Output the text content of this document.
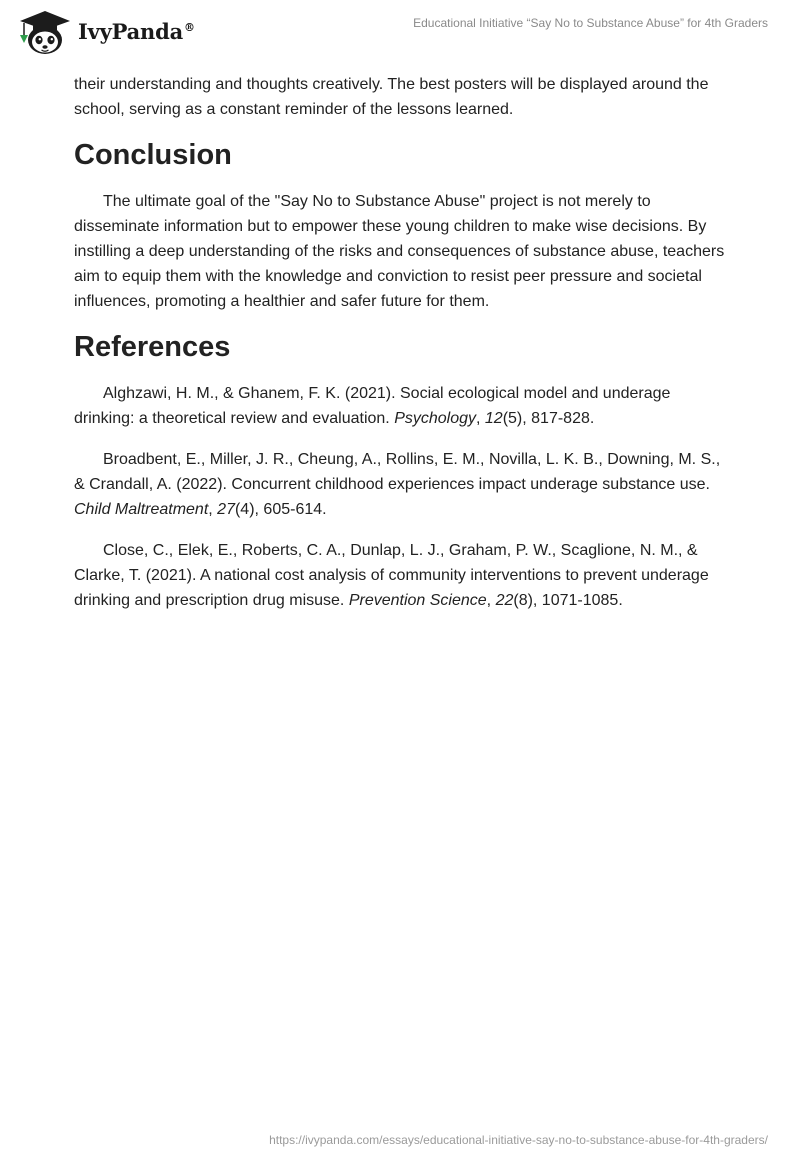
IvyPanda®	Educational Initiative “Say No to Substance Abuse” for 4th Graders

their understanding and thoughts creatively. The best posters will be displayed around the school, serving as a constant reminder of the lessons learned.

Conclusion

The ultimate goal of the "Say No to Substance Abuse" project is not merely to disseminate information but to empower these young children to make wise decisions. By instilling a deep understanding of the risks and consequences of substance abuse, teachers aim to equip them with the knowledge and conviction to resist peer pressure and societal influences, promoting a healthier and safer future for them.

References

Alghzawi, H. M., & Ghanem, F. K. (2021). Social ecological model and underage drinking: a theoretical review and evaluation. Psychology, 12(5), 817-828.

Broadbent, E., Miller, J. R., Cheung, A., Rollins, E. M., Novilla, L. K. B., Downing, M. S., & Crandall, A. (2022). Concurrent childhood experiences impact underage substance use. Child Maltreatment, 27(4), 605-614.

Close, C., Elek, E., Roberts, C. A., Dunlap, L. J., Graham, P. W., Scaglione, N. M., & Clarke, T. (2021). A national cost analysis of community interventions to prevent underage drinking and prescription drug misuse. Prevention Science, 22(8), 1071-1085.

https://ivypanda.com/essays/educational-initiative-say-no-to-substance-abuse-for-4th-graders/
